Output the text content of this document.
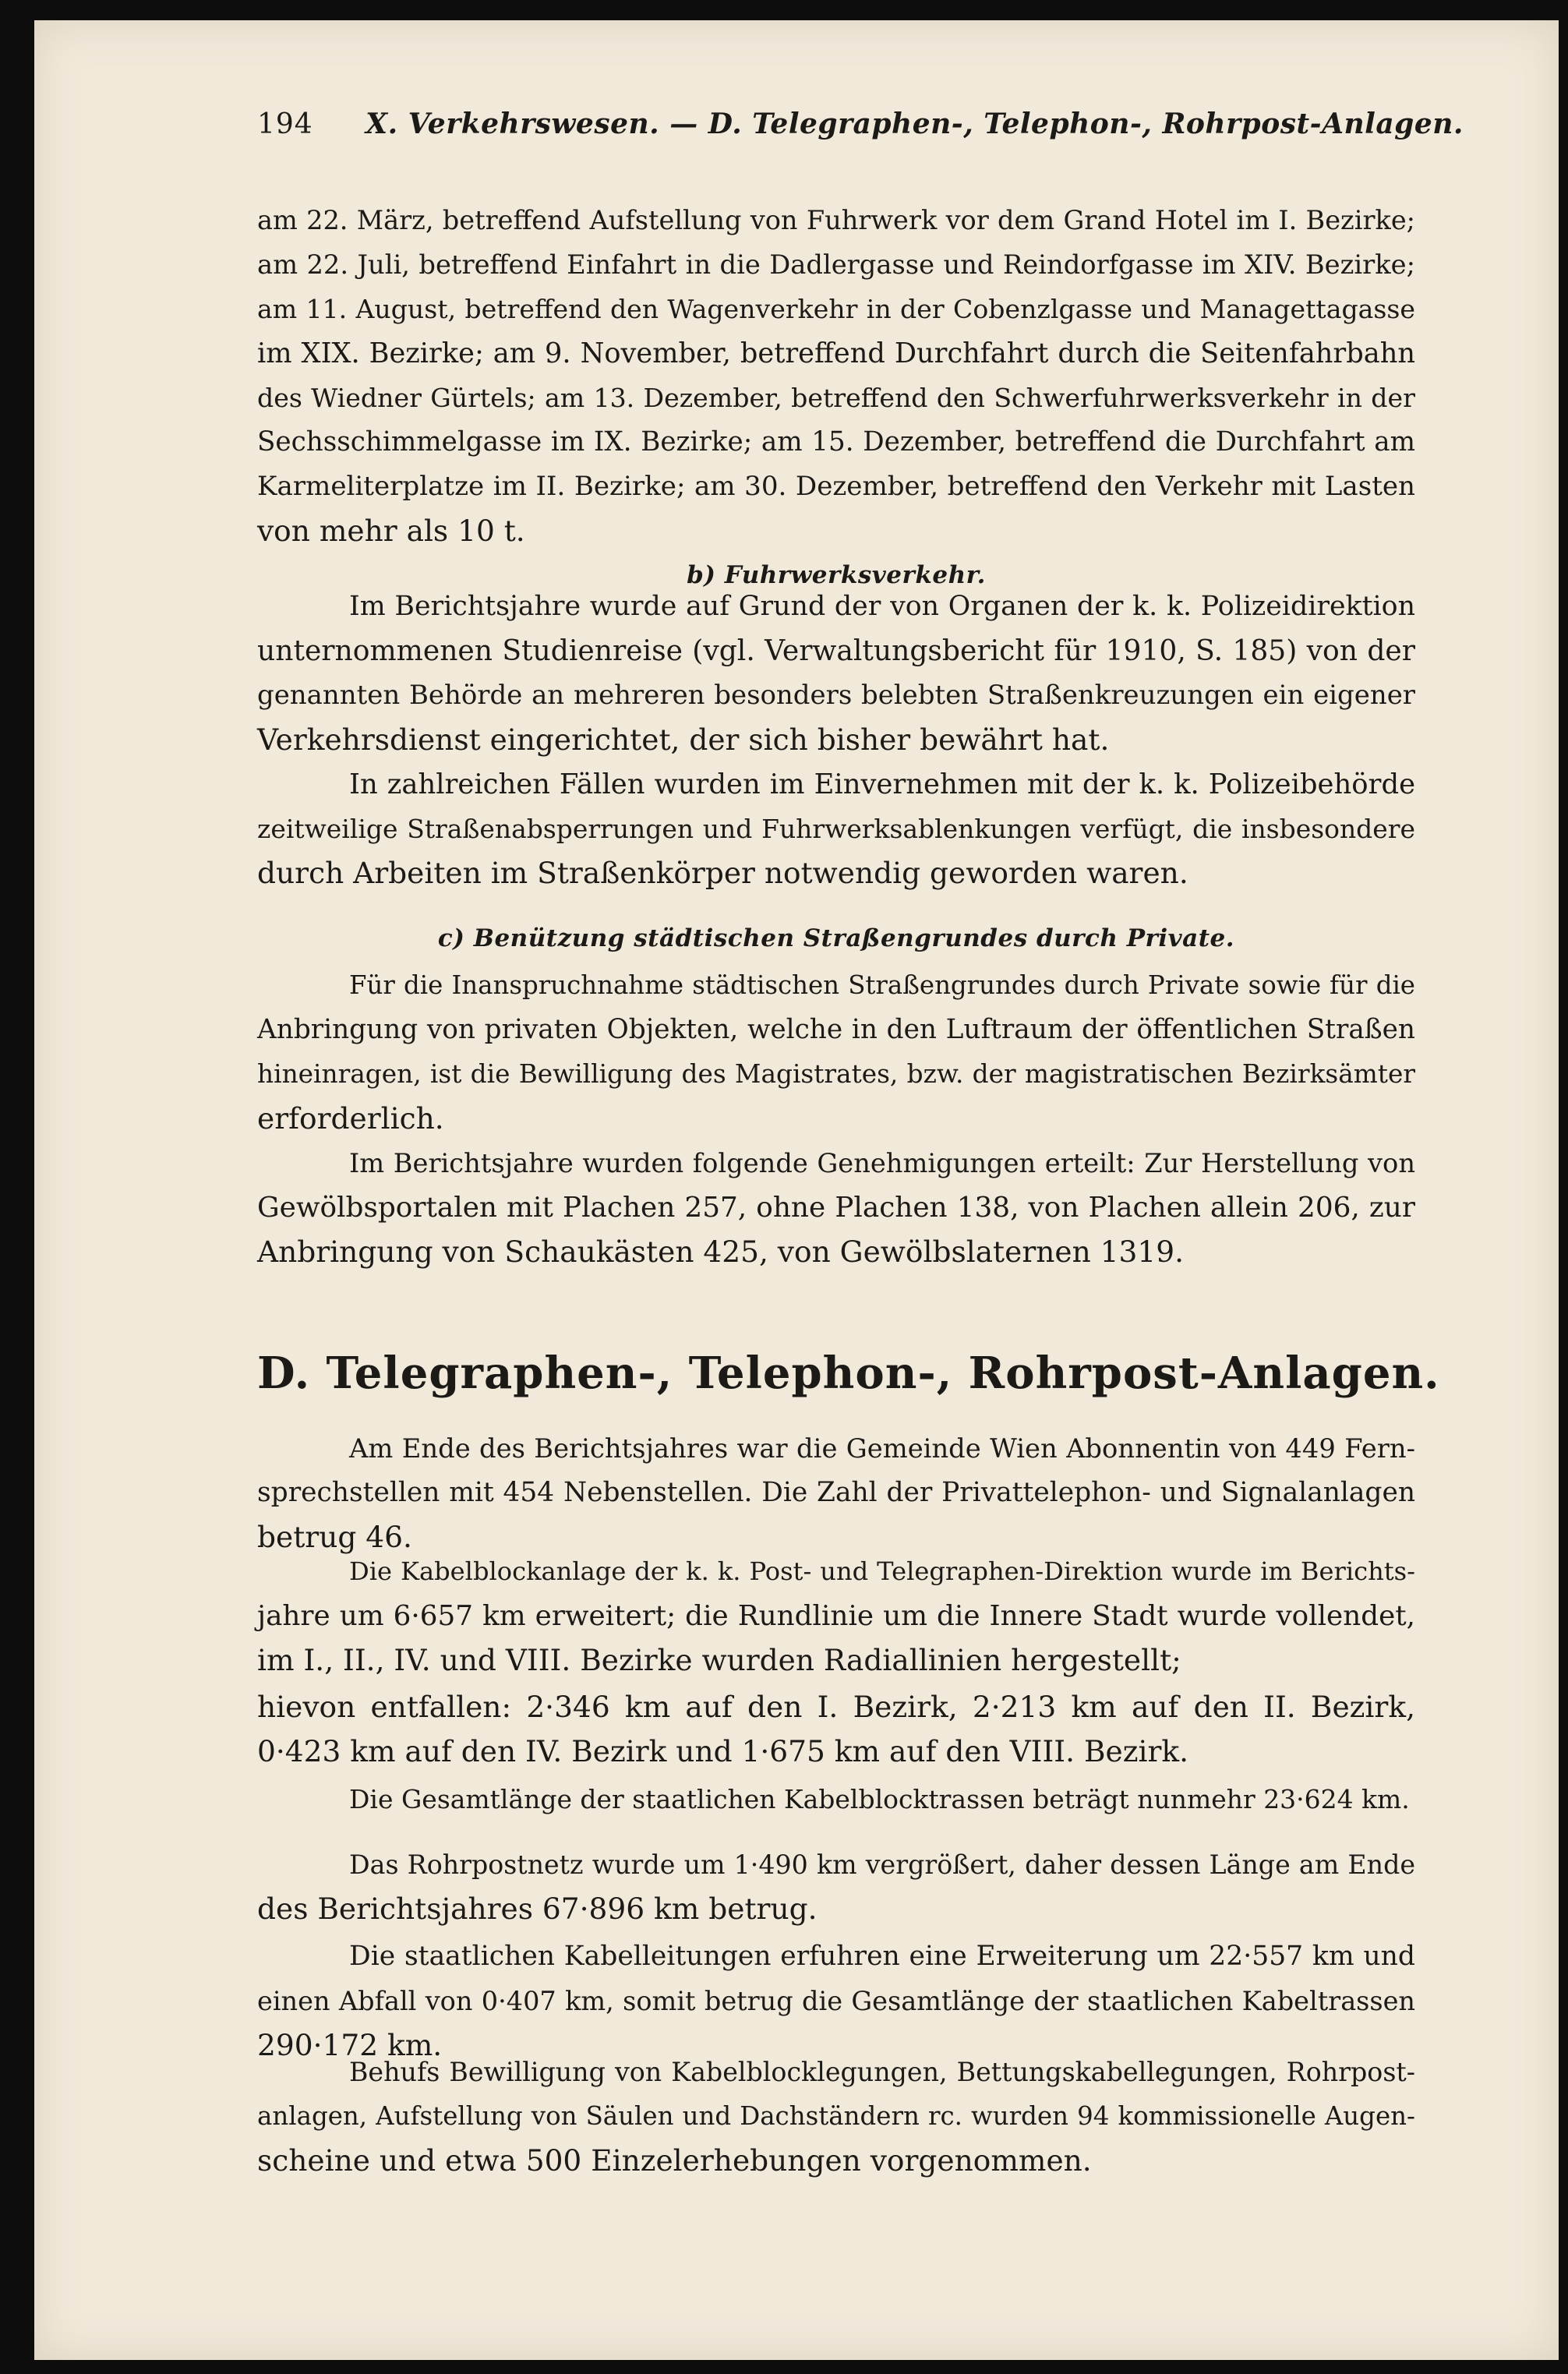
194 X. Verkehrswesen. — D. Telegraphen-, Telephon-, Rohrpost-Anlagen.
am 22. März, betreffend Aufstellung von Fuhrwerk vor dem Grand Hotel im I. Bezirke;
am 22. Juli, betreffend Einfahrt in die Dadlergasse und Reindorfgasse im XIV. Bezirke;
am 11. August, betreffend den Wagenverkehr in der Cobenzlgasse und Managettagasse
im XIX. Bezirke; am 9. November, betreffend Durchfahrt durch die Seitenfahrbahn
des Wiedner Gürtels; am 13. Dezember, betreffend den Schwerfuhrwerksverkehr in der
Sechsschimmelgasse im IX. Bezirke; am 15. Dezember, betreffend die Durchfahrt am
Karmeliterplatze im II. Bezirke; am 30. Dezember, betreffend den Verkehr mit Lasten
von mehr als 10 t.
b) Fuhrwerksverkehr.
Im Berichtsjahre wurde auf Grund der von Organen der k. k. Polizeidirektion
unternommenen Studienreise (vgl. Verwaltungsbericht für 1910, S. 185) von der
genannten Behörde an mehreren besonders belebten Straßenkreuzungen ein eigener
Verkehrsdienst eingerichtet, der sich bisher bewährt hat.
In zahlreichen Fällen wurden im Einvernehmen mit der k. k. Polizeibehörde
zeitweilige Straßenabsperrungen und Fuhrwerksablenkungen verfügt, die insbesondere
durch Arbeiten im Straßenkörper notwendig geworden waren.
c) Benützung städtischen Straßengrundes durch Private.
Für die Inanspruchnahme städtischen Straßengrundes durch Private sowie für die
Anbringung von privaten Objekten, welche in den Luftraum der öffentlichen Straßen
hineinragen, ist die Bewilligung des Magistrates, bzw. der magistratischen Bezirksämter
erforderlich.
Im Berichtsjahre wurden folgende Genehmigungen erteilt: Zur Herstellung von
Gewölbsportalen mit Plachen 257, ohne Plachen 138, von Plachen allein 206, zur
Anbringung von Schaukästen 425, von Gewölbslaternen 1319.
D. Telegraphen-, Telephon-, Rohrpost-Anlagen.
Am Ende des Berichtsjahres war die Gemeinde Wien Abonnentin von 449 Fern-
sprechstellen mit 454 Nebenstellen. Die Zahl der Privattelephon- und Signalanlagen
betrug 46.
Die Kabelblockanlage der k. k. Post- und Telegraphen-Direktion wurde im Berichts-
jahre um 6·657 km erweitert; die Rundlinie um die Innere Stadt wurde vollendet,
im I., II., IV. und VIII. Bezirke wurden Radiallinien hergestellt;
hievon entfallen: 2·346 km auf den I. Bezirk, 2·213 km auf den II. Bezirk,
0·423 km auf den IV. Bezirk und 1·675 km auf den VIII. Bezirk.
Die Gesamtlänge der staatlichen Kabelblocktrassen beträgt nunmehr 23·624 km.
Das Rohrpostnetz wurde um 1·490 km vergrößert, daher dessen Länge am Ende
des Berichtsjahres 67·896 km betrug.
Die staatlichen Kabelleitungen erfuhren eine Erweiterung um 22·557 km und
einen Abfall von 0·407 km, somit betrug die Gesamtlänge der staatlichen Kabeltrassen
290·172 km.
Behufs Bewilligung von Kabelblocklegungen, Bettungskabellegungen, Rohrpost-
anlagen, Aufstellung von Säulen und Dachständern rc. wurden 94 kommissionelle Augen-
scheine und etwa 500 Einzelerhebungen vorgenommen.
